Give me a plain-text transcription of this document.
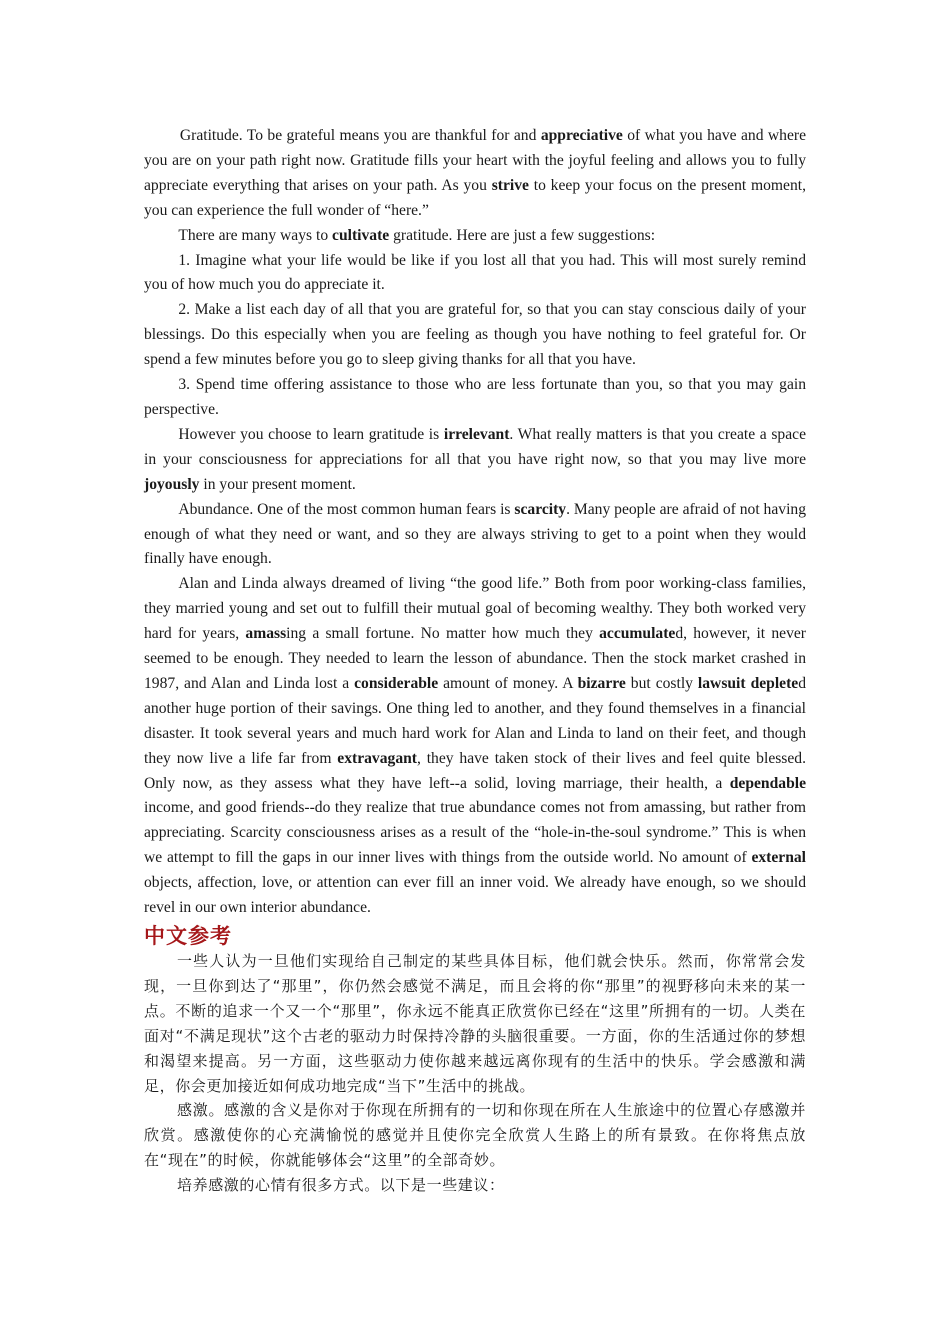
Gratitude. To be grateful means you are thankful for and appreciative of what you have and where you are on your path right now. Gratitude fills your heart with the joyful feeling and allows you to fully appreciate everything that arises on your path. As you strive to keep your focus on the present moment, you can experience the full wonder of “here.”

There are many ways to cultivate gratitude. Here are just a few suggestions:

1. Imagine what your life would be like if you lost all that you had. This will most surely remind you of how much you do appreciate it.

2. Make a list each day of all that you are grateful for, so that you can stay conscious daily of your blessings. Do this especially when you are feeling as though you have nothing to feel grateful for. Or spend a few minutes before you go to sleep giving thanks for all that you have.

3. Spend time offering assistance to those who are less fortunate than you, so that you may gain perspective.

However you choose to learn gratitude is irrelevant. What really matters is that you create a space in your consciousness for appreciations for all that you have right now, so that you may live more joyously in your present moment.

Abundance. One of the most common human fears is scarcity. Many people are afraid of not having enough of what they need or want, and so they are always striving to get to a point when they would finally have enough.

Alan and Linda always dreamed of living “the good life.” Both from poor working-class families, they married young and set out to fulfill their mutual goal of becoming wealthy. They both worked very hard for years, amassing a small fortune. No matter how much they accumulated, however, it never seemed to be enough. They needed to learn the lesson of abundance. Then the stock market crashed in 1987, and Alan and Linda lost a considerable amount of money. A bizarre but costly lawsuit depleted another huge portion of their savings. One thing led to another, and they found themselves in a financial disaster. It took several years and much hard work for Alan and Linda to land on their feet, and though they now live a life far from extravagant, they have taken stock of their lives and feel quite blessed. Only now, as they assess what they have left--a solid, loving marriage, their health, a dependable income, and good friends--do they realize that true abundance comes not from amassing, but rather from appreciating. Scarcity consciousness arises as a result of the “hole-in-the-soul syndrome.” This is when we attempt to fill the gaps in our inner lives with things from the outside world. No amount of external objects, affection, love, or attention can ever fill an inner void. We already have enough, so we should revel in our own interior abundance.

中文参考

一些人认为一旦他们实现给自己制定的某些具体目标，他们就会快乐。然而，你常常会发现，一旦你到达了“那里”，你仍然会感觉不满足，而且会将的你“那里”的视野移向未来的某一点。不断的追求一个又一个“那里”，你永远不能真正欣赏你已经在“这里”所拥有的一切。人类在面对“不满足现状”这个古老的驱动力时保持冷静的头脑很重要。一方面，你的生活通过你的梦想和渴望来提高。另一方面，这些驱动力使你越来越远离你现有的生活中的快乐。学会感激和满足，你会更加接近如何成功地完成“当下”生活中的挑战。

感激。感激的含义是你对于你现在所拥有的一切和你现在所在人生旅途中的位置心存感激并欣赏。感激使你的心充满愉悦的感觉并且使你完全欣赏人生路上的所有景致。在你将焦点放在“现在”的时候，你就能够体会“这里”的全部奇妙。

培养感激的心情有很多方式。以下是一些建议：
